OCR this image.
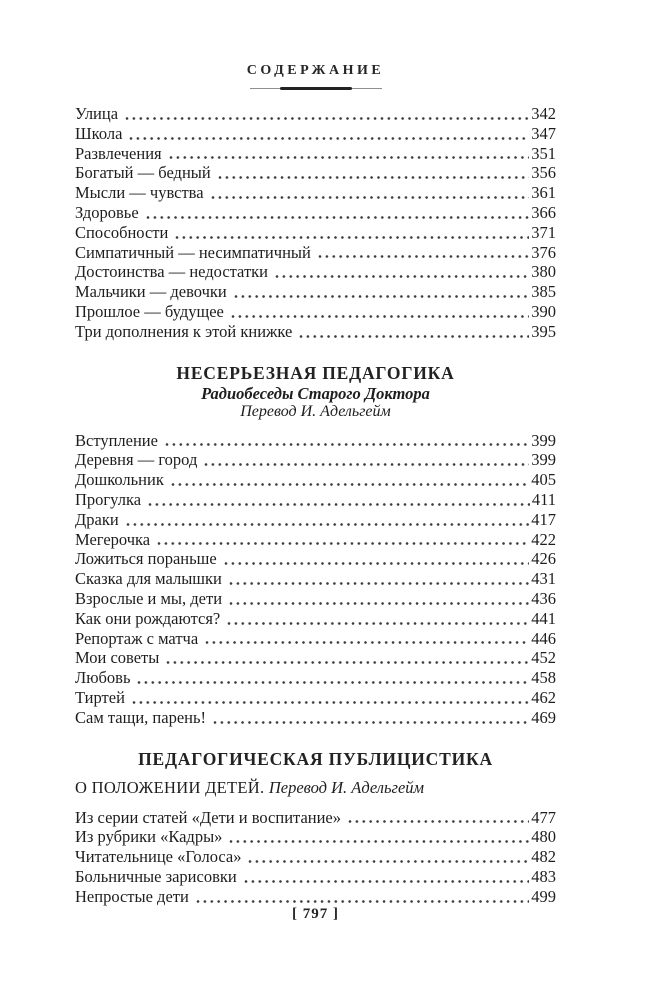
СОДЕРЖАНИЕ
Улица	342
Школа	347
Развлечения	351
Богатый — бедный	356
Мысли — чувства	361
Здоровье	366
Способности	371
Симпатичный — несимпатичный	376
Достоинства — недостатки	380
Мальчики — девочки	385
Прошлое — будущее	390
Три дополнения к этой книжке	395
НЕСЕРЬЕЗНАЯ ПЕДАГОГИКА
Радиобеседы Старого Доктора
Перевод И. Адельгейм
Вступление	399
Деревня — город	399
Дошкольник	405
Прогулка	411
Драки	417
Мегерочка	422
Ложиться пораньше	426
Сказка для малышки	431
Взрослые и мы, дети	436
Как они рождаются?	441
Репортаж с матча	446
Мои советы	452
Любовь	458
Тиртей	462
Сам тащи, парень!	469
ПЕДАГОГИЧЕСКАЯ ПУБЛИЦИСТИКА
О ПОЛОЖЕНИИ ДЕТЕЙ. Перевод И. Адельгейм
Из серии статей «Дети и воспитание»	477
Из рубрики «Кадры»	480
Читательнице «Голоса»	482
Больничные зарисовки	483
Непростые дети	499
[ 797 ]
